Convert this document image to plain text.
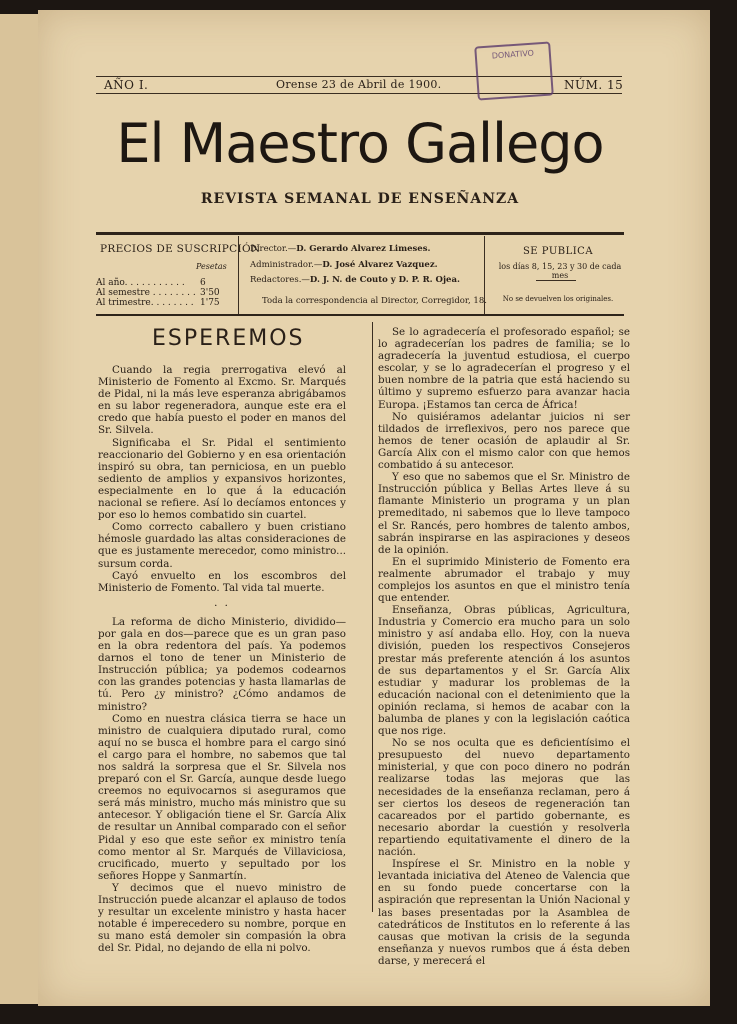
AÑO I.	Orense 23 de Abril de 1900.	NÚM. 15
DONATIVO
El Maestro Gallego
REVISTA SEMANAL DE ENSEÑANZA
PRECIOS DE SUSCRIPCIÓN
Pesetas
Al año. . . . . . . . . . . 6
Al semestre . . . . . . . . 3'50
Al trimestre. . . . . . . . 1'75
Director.—D. Gerardo Alvarez Limeses.
Administrador.—D. José Alvarez Vazquez.
Redactores.—D. J. N. de Couto y D. P. R. Ojea.
Toda la correspondencia al Director, Corregidor, 18.
SE PUBLICA
los días 8, 15, 23 y 30 de cada mes
No se devuelven los originales.
ESPEREMOS

Cuando la regia prerrogativa elevó al Ministerio de Fomento al Excmo. Sr. Marqués de Pidal, ni la más leve esperanza abrigábamos en su labor regeneradora, aunque este era el credo que había puesto el poder en manos del Sr. Silvela.

Significaba el Sr. Pidal el sentimiento reaccionario del Gobierno y en esa orientación inspiró su obra, tan perniciosa, en un pueblo sediento de amplios y expansivos horizontes, especialmente en lo que á la educación nacional se refiere. Así lo decíamos entonces y por eso lo hemos combatido sin cuartel.

Como correcto caballero y buen cristiano hémosle guardado las altas consideraciones de que es justamente merecedor, como ministro... sursum corda.

Cayó envuelto en los escombros del Ministerio de Fomento. Tal vida tal muerte.

· ·

La reforma de dicho Ministerio, dividido—por gala en dos—parece que es un gran paso en la obra redentora del país. Ya podemos darnos el tono de tener un Ministerio de Instrucción pública; ya podemos codearnos con las grandes potencias y hasta llamarlas de tú. Pero ¿y ministro? ¿Cómo andamos de ministro?

Como en nuestra clásica tierra se hace un ministro de cualquiera diputado rural, como aquí no se busca el hombre para el cargo sinó el cargo para el hombre, no sabemos que tal nos saldrá la sorpresa que el Sr. Silvela nos preparó con el Sr. García, aunque desde luego creemos no equivocarnos si aseguramos que será más ministro, mucho más ministro que su antecesor. Y obligación tiene el Sr. García Alix de resultar un Annibal comparado con el señor Pidal y eso que este señor ex ministro tenía como mentor al Sr. Marqués de Villaviciosa, crucificado, muerto y sepultado por los señores Hoppe y Sanmartín.

Y decimos que el nuevo ministro de Instrucción puede alcanzar el aplauso de todos y resultar un excelente ministro y hasta hacer notable é imperecedero su nombre, porque en su mano está demoler sin compasión la obra del Sr. Pidal, no dejando de ella ni polvo.

Se lo agradecería el profesorado español; se lo agradecerían los padres de familia; se lo agradecería la juventud estudiosa, el cuerpo escolar, y se lo agradecerían el progreso y el buen nombre de la patria que está haciendo su último y supremo esfuerzo para avanzar hacia Europa. ¡Estamos tan cerca de África!

No quisiéramos adelantar juicios ni ser tildados de irreflexivos, pero nos parece que hemos de tener ocasión de aplaudir al Sr. García Alix con el mismo calor con que hemos combatido á su antecesor.

Y eso que no sabemos que el Sr. Ministro de Instrucción pública y Bellas Artes lleve á su flamante Ministerio un programa y un plan premeditado, ni sabemos que lo lleve tampoco el Sr. Rancés, pero hombres de talento ambos, sabrán inspirarse en las aspiraciones y deseos de la opinión.

En el suprimido Ministerio de Fomento era realmente abrumador el trabajo y muy complejos los asuntos en que el ministro tenía que entender.

Enseñanza, Obras públicas, Agricultura, Industria y Comercio era mucho para un solo ministro y así andaba ello. Hoy, con la nueva división, pueden los respectivos Consejeros prestar más preferente atención á los asuntos de sus departamentos y el Sr. García Alix estudiar y madurar los problemas de la educación nacional con el detenimiento que la opinión reclama, si hemos de acabar con la balumba de planes y con la legislación caótica que nos rige.

No se nos oculta que es deficientísimo el presupuesto del nuevo departamento ministerial, y que con poco dinero no podrán realizarse todas las mejoras que las necesidades de la enseñanza reclaman, pero á ser ciertos los deseos de regeneración tan cacareados por el partido gobernante, es necesario abordar la cuestión y resolverla repartiendo equitativamente el dinero de la nación.

Inspírese el Sr. Ministro en la noble y levantada iniciativa del Ateneo de Valencia que en su fondo puede concertarse con la aspiración que representan la Unión Nacional y las bases presentadas por la Asamblea de catedráticos de Institutos en lo referente á las causas que motivan la crisis de la segunda enseñanza y nuevos rumbos que á ésta deben darse, y merecerá el
